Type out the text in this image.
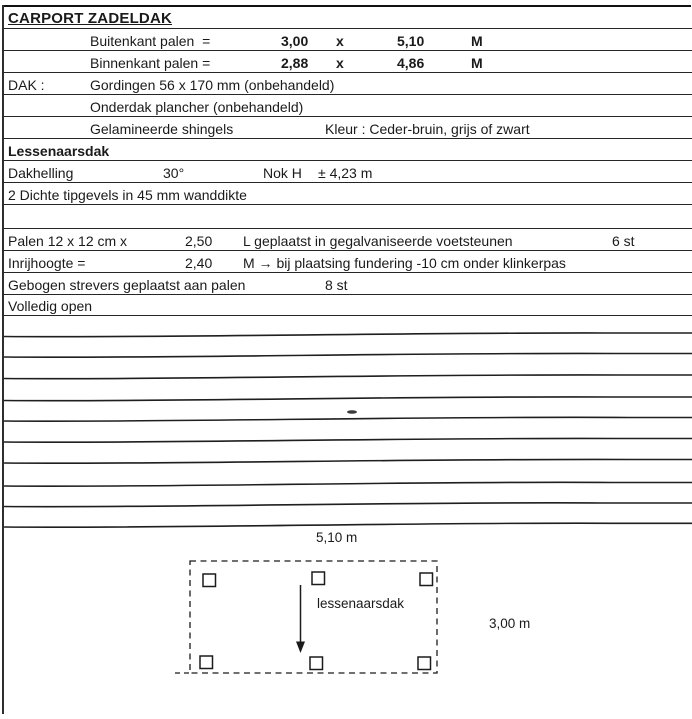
CARPORT ZADELDAK
Buitenkant palen  =	3,00 x	5,10	M
Binnenkant palen =	2,88 x	4,86	M
DAK :	Gordingen 56 x 170 mm (onbehandeld)
Onderdak plancher (onbehandeld)
Gelamineerde shingels	Kleur : Ceder-bruin, grijs of zwart
Lessenaarsdak
Dakhelling	30°	Nok H ± 4,23 m
2 Dichte tipgevels in 45 mm wanddikte
Palen 12 x 12 cm x	2,50 L geplaatst in gegalvaniseerde voetsteunen	6 st
Inrijhoogte =	2,40 M → bij plaatsing fundering -10 cm onder klinkerpas
Gebogen strevers geplaatst aan palen	8 st
Volledig open
5,10 m
lessenaarsdak
3,00 m
